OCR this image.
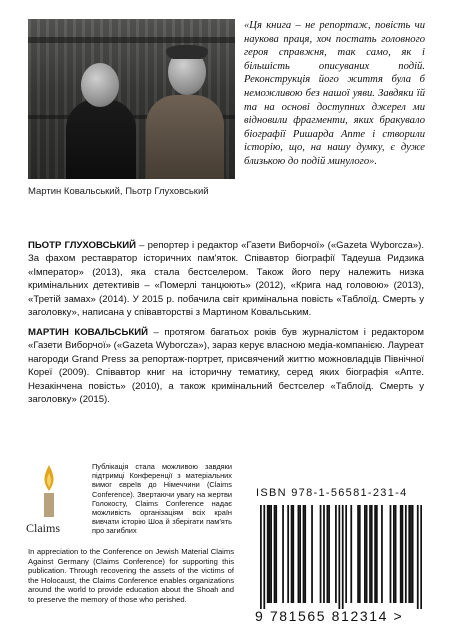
Мартин Ковальський, Пьотр Глуховський
«Ця книга – не репортаж, повість чи наукова праця, хоч постать головного героя справжня, так само, як і більшість описуваних подій. Реконструкція його життя була б неможливою без нашої уяви. Завдяки їй та на основі доступних джерел ми відновили фрагменти, яких бракувало біографії Ришарда Апте і створили історію, що, на нашу думку, є дуже близькою до подій минулого».
ПЬОТР ГЛУХОВСЬКИЙ – репортер і редактор «Газети Виборчої» («Gazeta Wyborcza»). За фахом реставратор історичних пам'яток. Співавтор біографії Тадеуша Ридзика «Імператор» (2013), яка стала бестселером. Також його перу належить низка кримінальних детективів – «Померлі танцюють» (2012), «Крига над головою» (2013), «Третій замах» (2014). У 2015 р. побачила світ кримінальна повість «Таблоїд. Смерть у заголовку», написана у співавторстві з Мартином Ковальським.
МАРТИН КОВАЛЬСЬКИЙ – протягом багатьох років був журналістом і редактором «Газети Виборчої» («Gazeta Wyborcza»), зараз керує власною медіа-компанією. Лауреат нагороди Grand Press за репортаж-портрет, присвячений життю можновладців Північної Кореї (2009). Співавтор книг на історичну тематику, серед яких біографія «Апте. Незакінчена повість» (2010), а також кримінальний бестселер «Таблоїд. Смерть у заголовку» (2015).
Claims
Публікація стала можливою завдяки підтримці Конференції з матеріальних вимог євреїв до Німеччини (Claims Conference). Звертаючи увагу на жертви Голокосту, Claims Conference надає можливість організаціям всіх країн вивчати історію Шоа й зберігати пам'ять про загиблих
In appreciation to the Conference on Jewish Material Claims Against Germany (Claims Conference) for supporting this publication. Through recovering the assets of the victims of the Holocaust, the Claims Conference enables organizations around the world to provide education about the Shoah and to preserve the memory of those who perished.
ISBN 978-1-56581-231-4
9 781565 812314 >
